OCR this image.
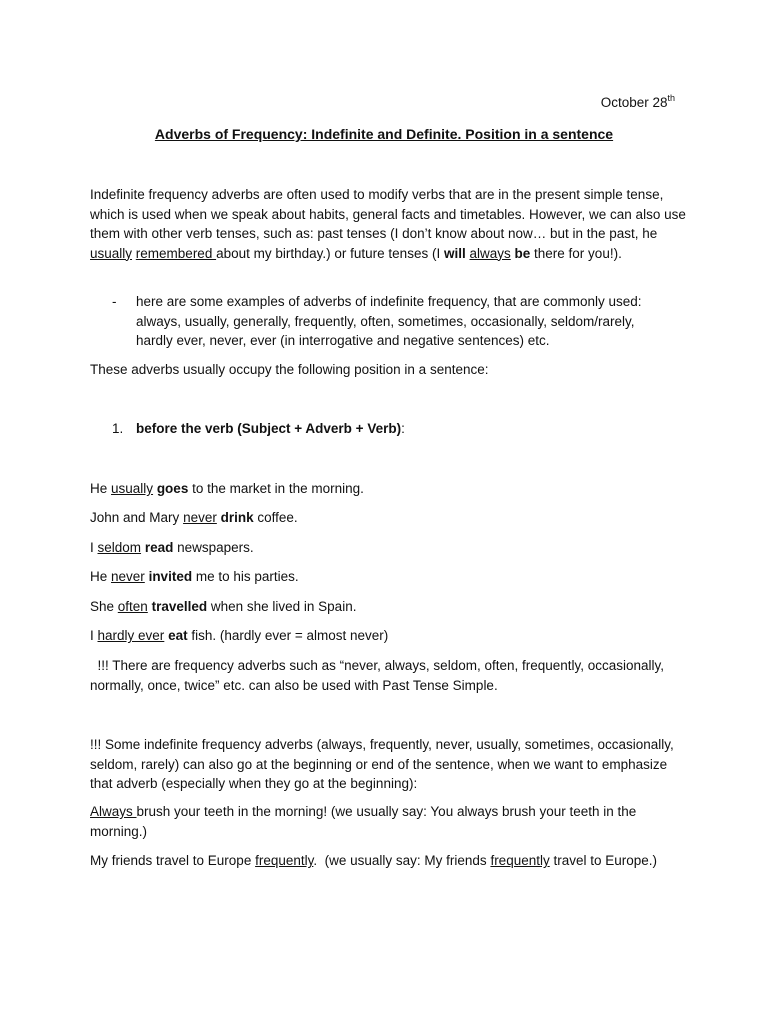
October 28th
Adverbs of Frequency: Indefinite and Definite. Position in a sentence
Indefinite frequency adverbs are often used to modify verbs that are in the present simple tense, which is used when we speak about habits, general facts and timetables. However, we can also use them with other verb tenses, such as: past tenses (I don’t know about now… but in the past, he usually remembered about my birthday.) or future tenses (I will always be there for you!).
- here are some examples of adverbs of indefinite frequency, that are commonly used: always, usually, generally, frequently, often, sometimes, occasionally, seldom/rarely, hardly ever, never, ever (in interrogative and negative sentences) etc.
These adverbs usually occupy the following position in a sentence:
1. before the verb (Subject + Adverb + Verb):
He usually goes to the market in the morning.
John and Mary never drink coffee.
I seldom read newspapers.
He never invited me to his parties.
She often travelled when she lived in Spain.
I hardly ever eat fish. (hardly ever = almost never)
!!! There are frequency adverbs such as “never, always, seldom, often, frequently, occasionally, normally, once, twice” etc. can also be used with Past Tense Simple.
!!! Some indefinite frequency adverbs (always, frequently, never, usually, sometimes, occasionally, seldom, rarely) can also go at the beginning or end of the sentence, when we want to emphasize that adverb (especially when they go at the beginning):
Always brush your teeth in the morning! (we usually say: You always brush your teeth in the morning.)
My friends travel to Europe frequently.  (we usually say: My friends frequently travel to Europe.)
